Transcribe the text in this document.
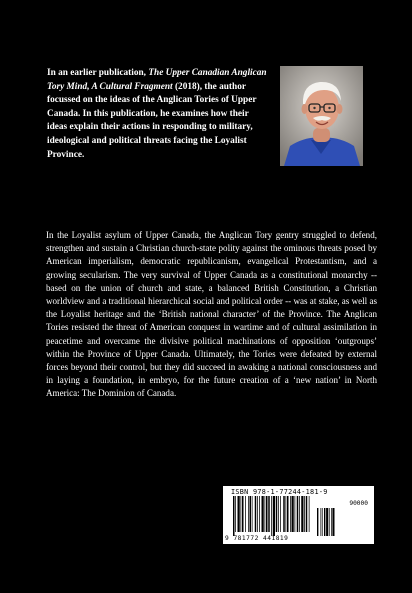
In an earlier publication, The Upper Canadian Anglican Tory Mind, A Cultural Fragment (2018), the author focussed on the ideas of the Anglican Tories of Upper Canada. In this publication, he examines how their ideas explain their actions in responding to military, ideological and political threats facing the Loyalist Province.

In the Loyalist asylum of Upper Canada, the Anglican Tory gentry struggled to defend, strengthen and sustain a Christian church-state polity against the ominous threats posed by American imperialism, democratic republicanism, evangelical Protestantism, and a growing secularism. The very survival of Upper Canada as a constitutional monarchy -- based on the union of church and state, a balanced British Constitution, a Christian worldview and a traditional hierarchical social and political order -- was at stake, as well as the Loyalist heritage and the ‘British national character’ of the Province. The Anglican Tories resisted the threat of American conquest in wartime and of cultural assimilation in peacetime and overcame the divisive political machinations of opposition ‘outgroups’ within the Province of Upper Canada. Ultimately, the Tories were defeated by external forces beyond their control, but they did succeed in awaking a national consciousness and in laying a foundation, in embryo, for the future creation of a ‘new nation’ in North America: The Dominion of Canada.

ISBN 978-1-77244-181-9
90000
9 781772 441819
